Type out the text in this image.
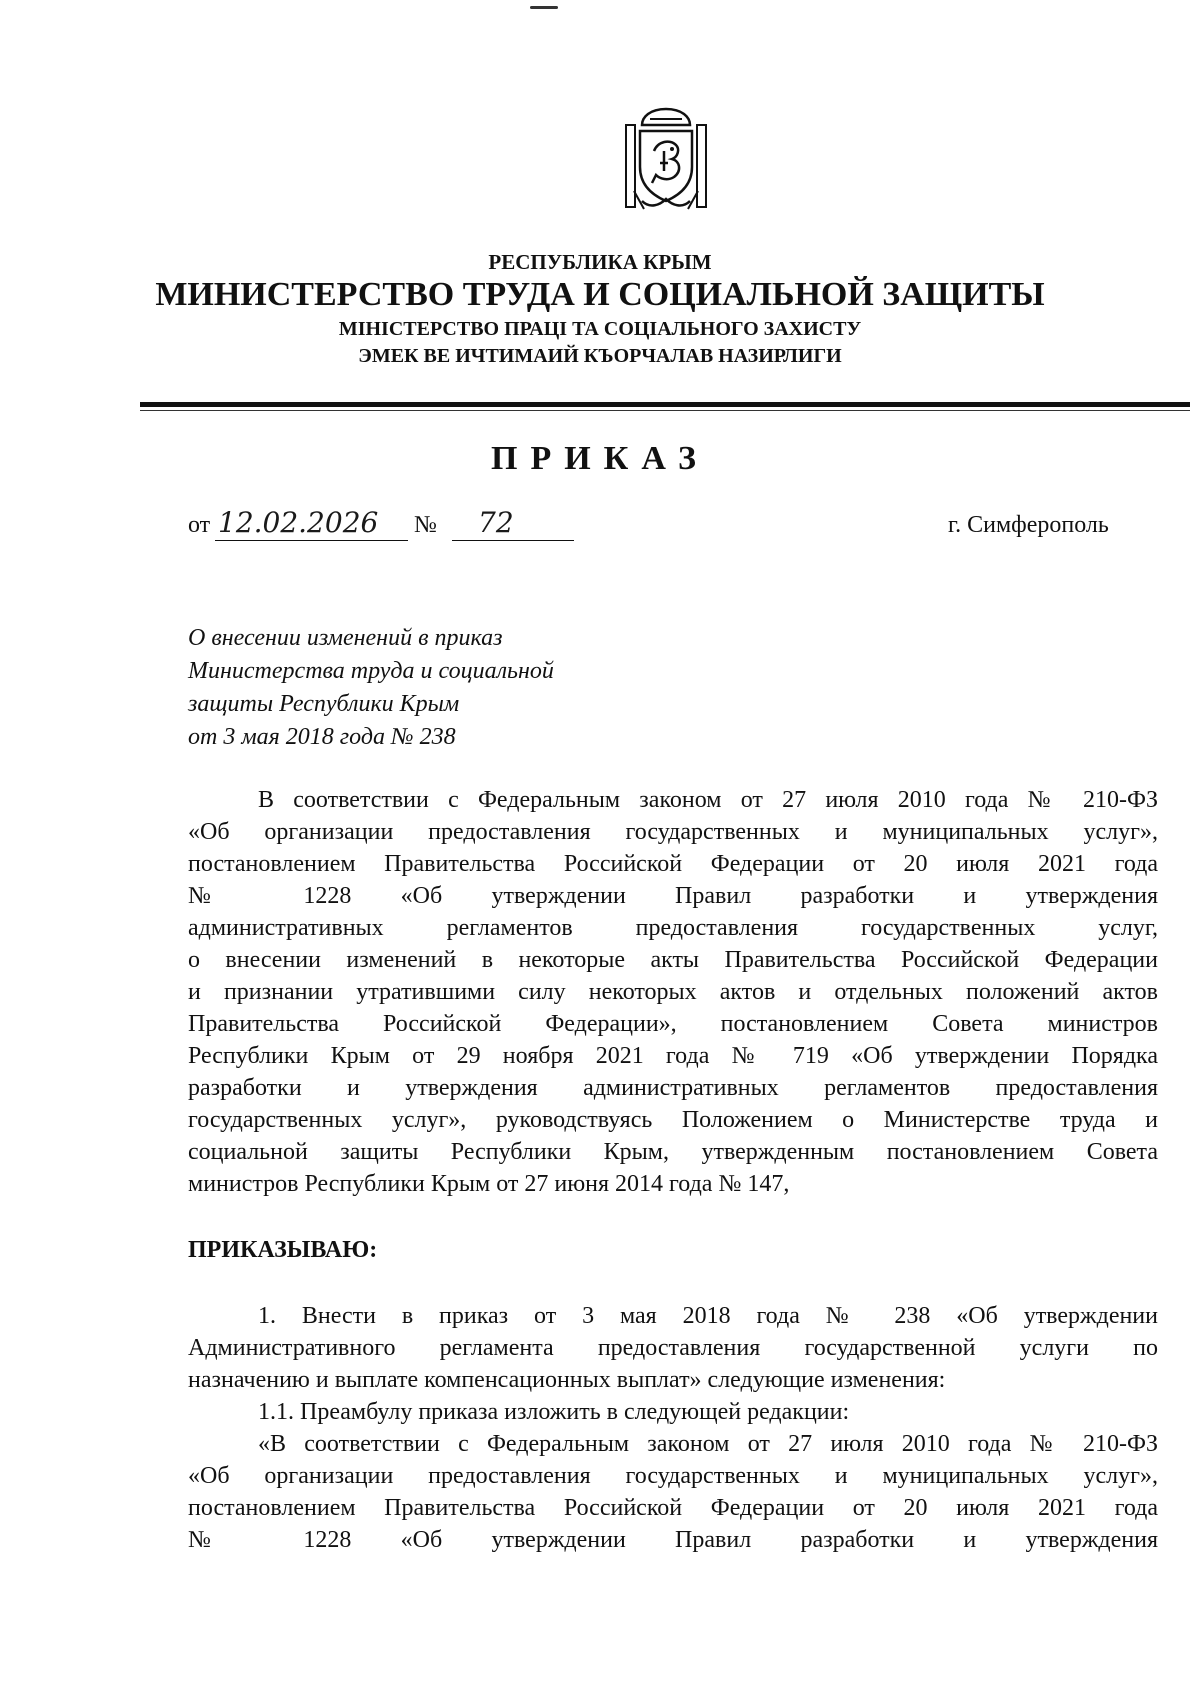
РЕСПУБЛИКА КРЫМ
МИНИСТЕРСТВО ТРУДА И СОЦИАЛЬНОЙ ЗАЩИТЫ
МІНІСТЕРСТВО ПРАЦІ ТА СОЦІАЛЬНОГО ЗАХИСТУ
ЭМЕК ВЕ ИЧТИМАИЙ КЪОРЧАЛАВ НАЗИРЛИГИ
ПРИКАЗ
от 12.02.2026 № 72	г. Симферополь
О внесении изменений в приказ
Министерства труда и социальной
защиты Республики Крым
от 3 мая 2018 года № 238
В соответствии с Федеральным законом от 27 июля 2010 года № 210-ФЗ
«Об организации предоставления государственных и муниципальных услуг»,
постановлением Правительства Российской Федерации от 20 июля 2021 года
№ 1228 «Об утверждении Правил разработки и утверждения
административных регламентов предоставления государственных услуг,
о внесении изменений в некоторые акты Правительства Российской Федерации
и признании утратившими силу некоторых актов и отдельных положений актов
Правительства Российской Федерации», постановлением Совета министров
Республики Крым от 29 ноября 2021 года № 719 «Об утверждении Порядка
разработки и утверждения административных регламентов предоставления
государственных услуг», руководствуясь Положением о Министерстве труда и
социальной защиты Республики Крым, утвержденным постановлением Совета
министров Республики Крым от 27 июня 2014 года № 147,
ПРИКАЗЫВАЮ:
1. Внести в приказ от 3 мая 2018 года № 238 «Об утверждении
Административного регламента предоставления государственной услуги по
назначению и выплате компенсационных выплат» следующие изменения:
1.1. Преамбулу приказа изложить в следующей редакции:
«В соответствии с Федеральным законом от 27 июля 2010 года № 210-ФЗ
«Об организации предоставления государственных и муниципальных услуг»,
постановлением Правительства Российской Федерации от 20 июля 2021 года
№ 1228 «Об утверждении Правил разработки и утверждения
